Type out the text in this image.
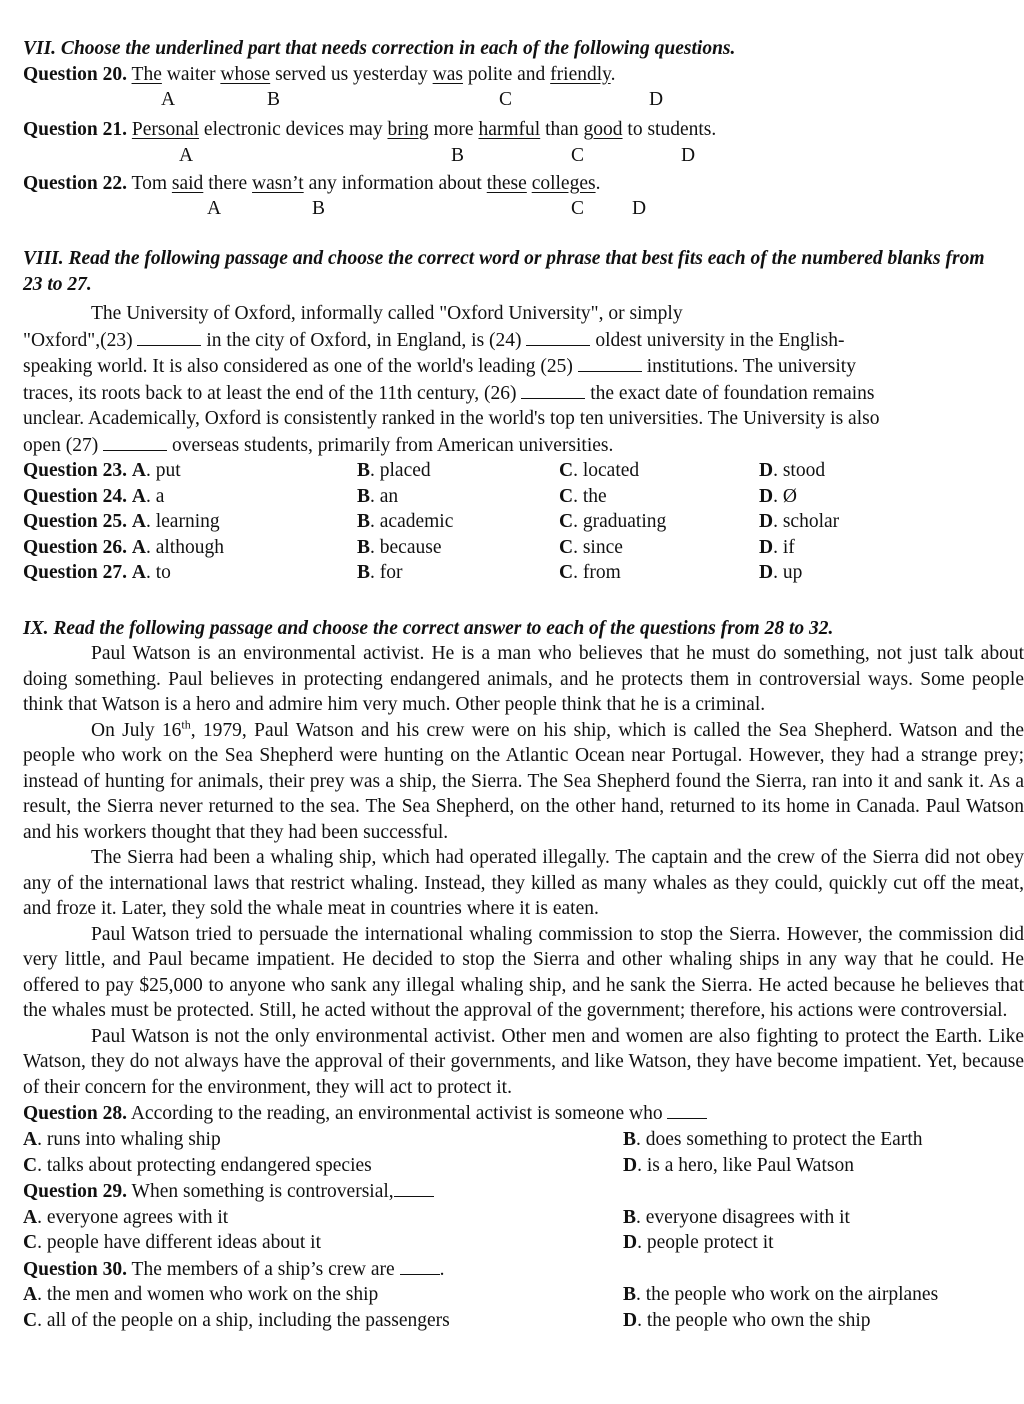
VII. Choose the underlined part that needs correction in each of the following questions.

Question 20. The waiter whose served us yesterday was polite and friendly.

A	B	C	D

Question 21. Personal electronic devices may bring more harmful than good to students.

A	B	C	D

Question 22. Tom said there wasn’t any information about these colleges.

A	B	C D

VIII. Read the following passage and choose the correct word or phrase that best fits each of the numbered blanks from 23 to 27.

The University of Oxford, informally called "Oxford University", or simply

"Oxford",(23)	in the city of Oxford, in England, is (24)	oldest university in the English-

speaking world. It is also considered as one of the world's leading (25)	institutions. The university

traces, its roots back to at least the end of the 11th century, (26)	the exact date of foundation remains

unclear. Academically, Oxford is consistently ranked in the world's top ten universities. The University is also

open (27)	overseas students, primarily from American universities.

Question 23. A. put	B. placed	C. located	D. stood
Question 24. A. a	B. an	C. the	D. Ø
Question 25. A. learning	B. academic	C. graduating	D. scholar
Question 26. A. although	B. because	C. since	D. if
Question 27. A. to	B. for	C. from	D. up

IX. Read the following passage and choose the correct answer to each of the questions from 28 to 32.

Paul Watson is an environmental activist. He is a man who believes that he must do something, not just talk about doing something. Paul believes in protecting endangered animals, and he protects them in controversial ways. Some people think that Watson is a hero and admire him very much. Other people think that he is a criminal.

On July 16th, 1979, Paul Watson and his crew were on his ship, which is called the Sea Shepherd. Watson and the people who work on the Sea Shepherd were hunting on the Atlantic Ocean near Portugal. However, they had a strange prey; instead of hunting for animals, their prey was a ship, the Sierra. The Sea Shepherd found the Sierra, ran into it and sank it. As a result, the Sierra never returned to the sea. The Sea Shepherd, on the other hand, returned to its home in Canada. Paul Watson and his workers thought that they had been successful.

The Sierra had been a whaling ship, which had operated illegally. The captain and the crew of the Sierra did not obey any of the international laws that restrict whaling. Instead, they killed as many whales as they could, quickly cut off the meat, and froze it. Later, they sold the whale meat in countries where it is eaten.

Paul Watson tried to persuade the international whaling commission to stop the Sierra. However, the commission did very little, and Paul became impatient. He decided to stop the Sierra and other whaling ships in any way that he could. He offered to pay $25,000 to anyone who sank any illegal whaling ship, and he sank the Sierra. He acted because he believes that the whales must be protected. Still, he acted without the approval of the government; therefore, his actions were controversial.

Paul Watson is not the only environmental activist. Other men and women are also fighting to protect the Earth. Like Watson, they do not always have the approval of their governments, and like Watson, they have become impatient. Yet, because of their concern for the environment, they will act to protect it.

Question 28. According to the reading, an environmental activist is someone who

A. runs into whaling ship	B. does something to protect the Earth
C. talks about protecting endangered species	D. is a hero, like Paul Watson

Question 29. When something is controversial,

A. everyone agrees with it	B. everyone disagrees with it
C. people have different ideas about it	D. people protect it

Question 30. The members of a ship’s crew are .

A. the men and women who work on the ship	B. the people who work on the airplanes
C. all of the people on a ship, including the passengers	D. the people who own the ship
